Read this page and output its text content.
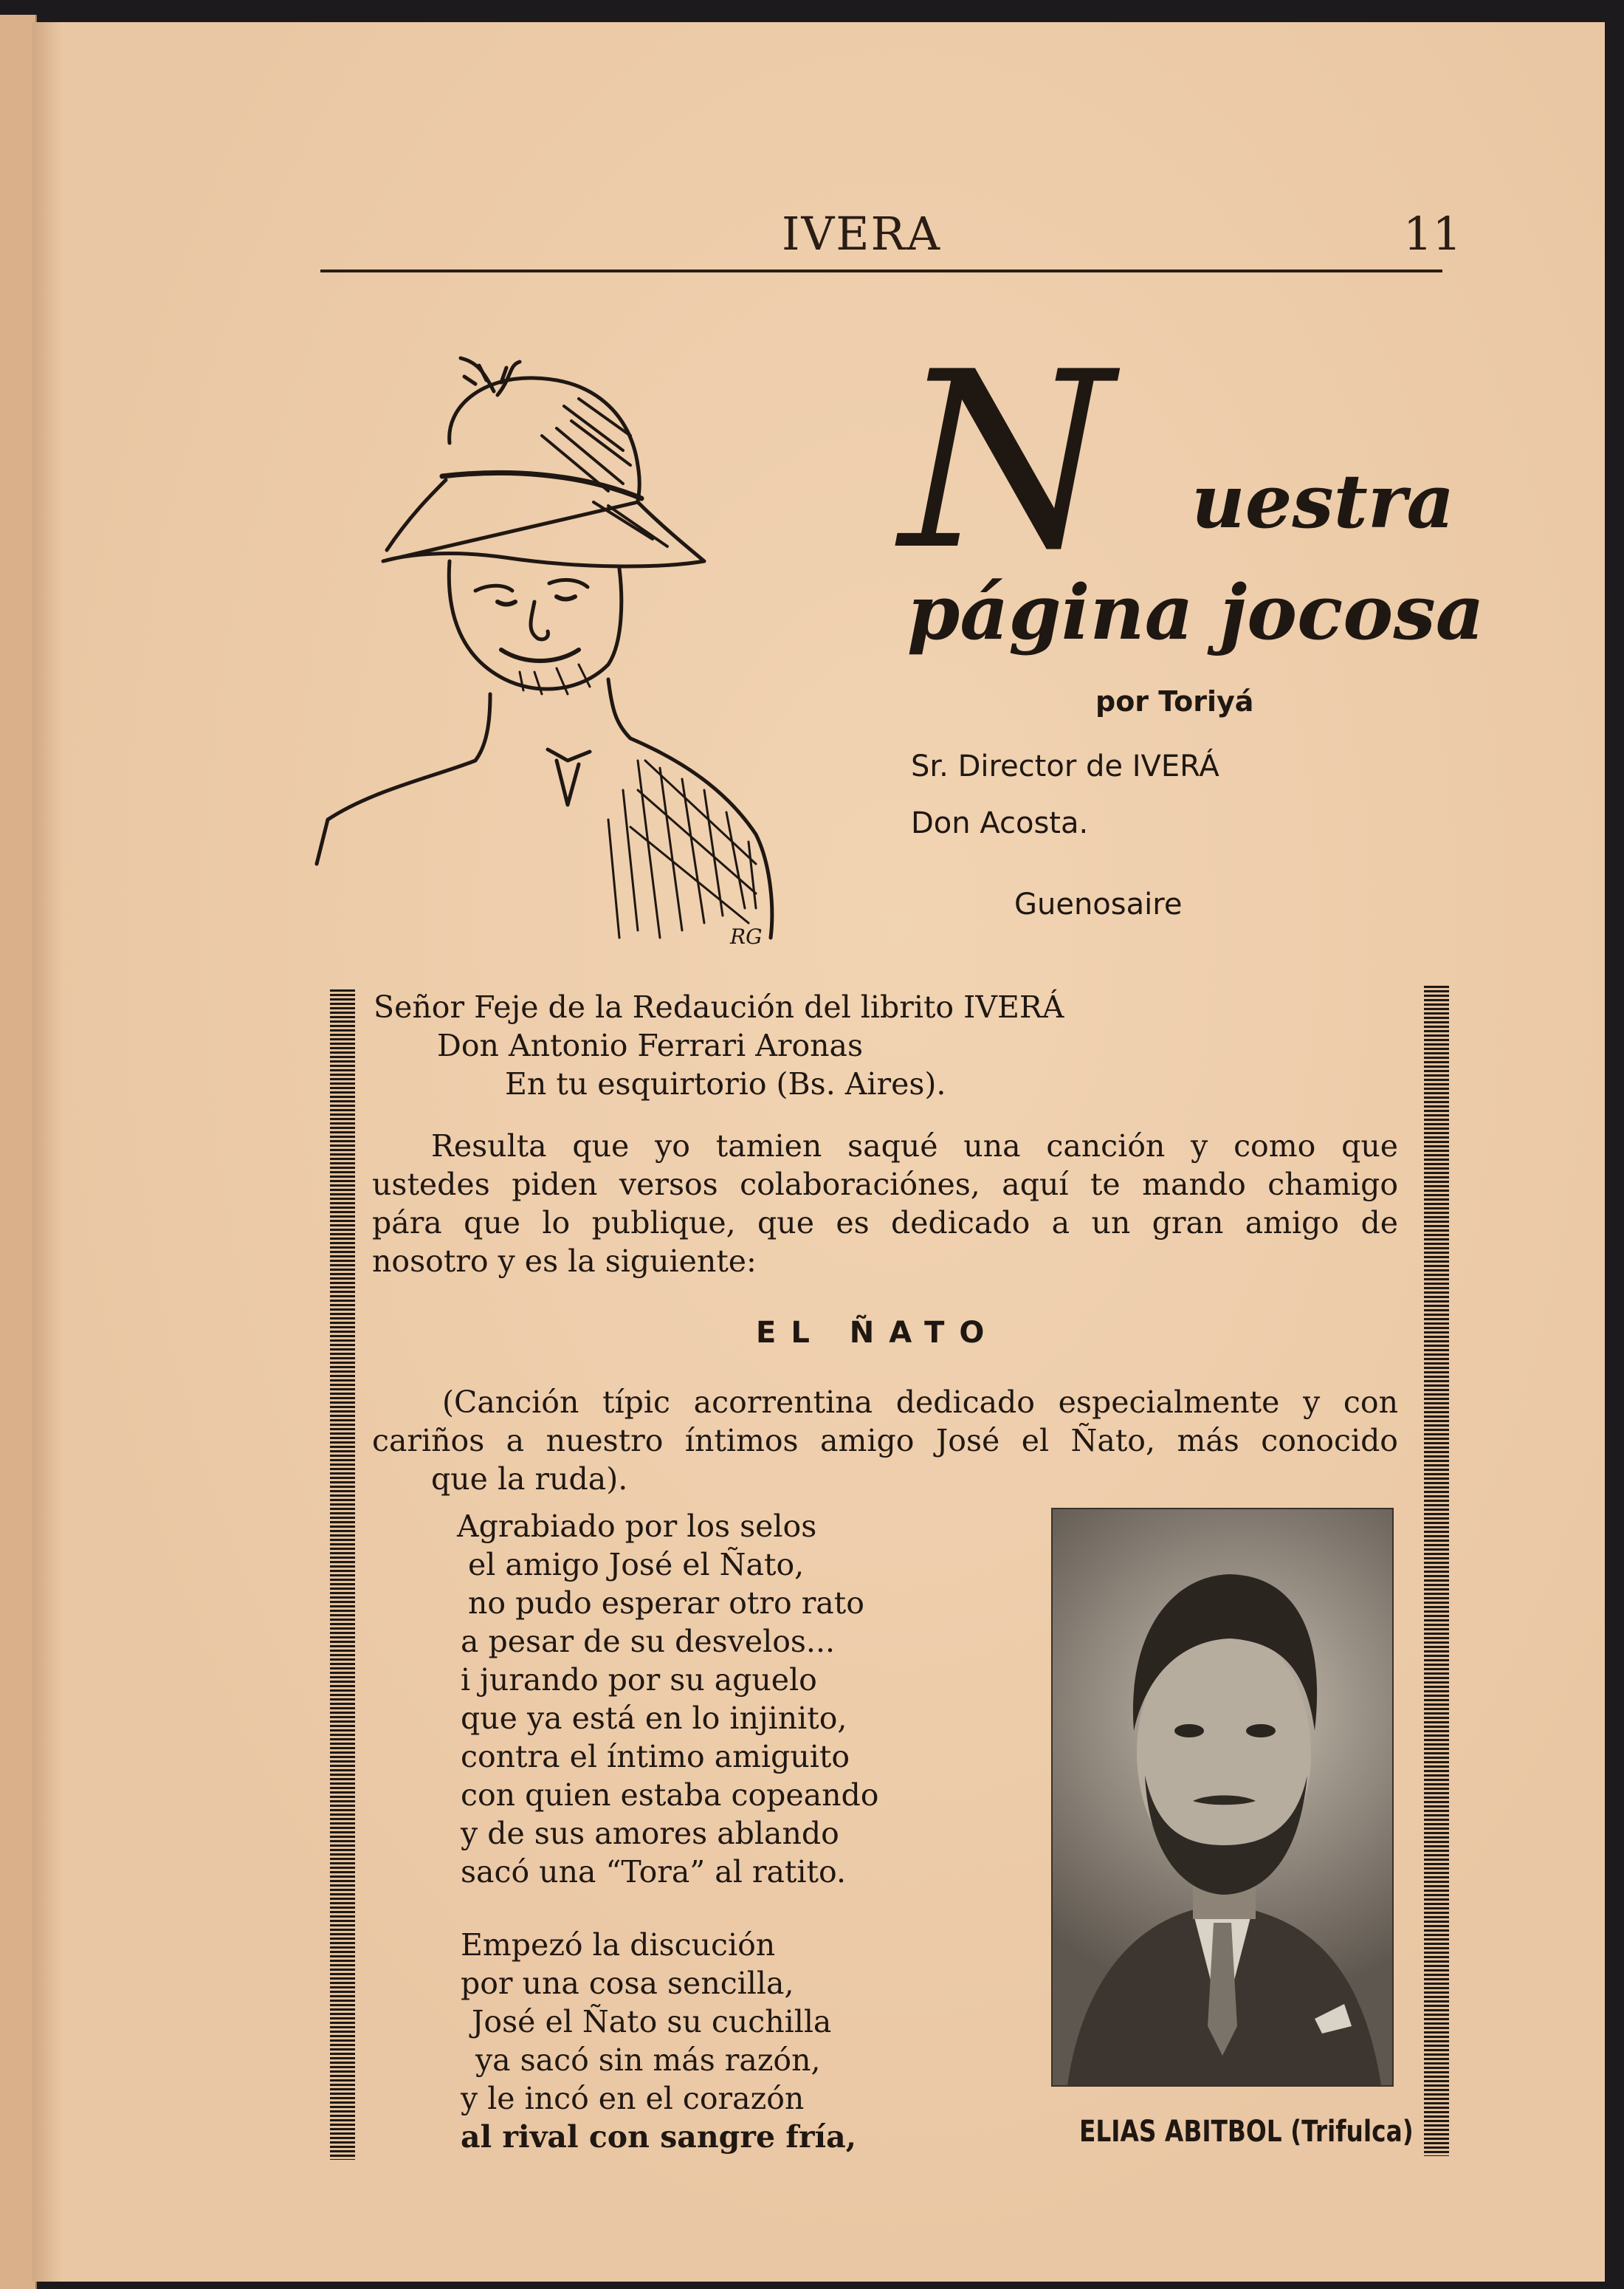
IVERA	11
RG
N uestra
página jocosa
por Toriyá
Sr. Director de IVERÁ
Don Acosta.
Guenosaire
Señor Feje de la Redaución del librito IVERÁ
Don Antonio Ferrari Aronas
En tu esquirtorio (Bs. Aires).
Resulta que yo tamien saqué una canción y como que
ustedes piden versos colaboraciónes, aquí te mando chamigo
pára que lo publique, que es dedicado a un gran amigo de
nosotro y es la siguiente:
EL ÑATO
(Canción típic acorrentina dedicado especialmente y con
cariños a nuestro íntimos amigo José el Ñato, más conocido
que la ruda).
Agrabiado por los selos
el amigo José el Ñato,
no pudo esperar otro rato
a pesar de su desvelos...
i jurando por su aguelo
que ya está en lo injinito,
contra el íntimo amiguito
con quien estaba copeando
y de sus amores ablando
sacó una “Tora” al ratito.
Empezó la discución
por una cosa sencilla,
José el Ñato su cuchilla
ya sacó sin más razón,
y le incó en el corazón
al rival con sangre fría,	ELIAS ABITBOL (Trifulca)
